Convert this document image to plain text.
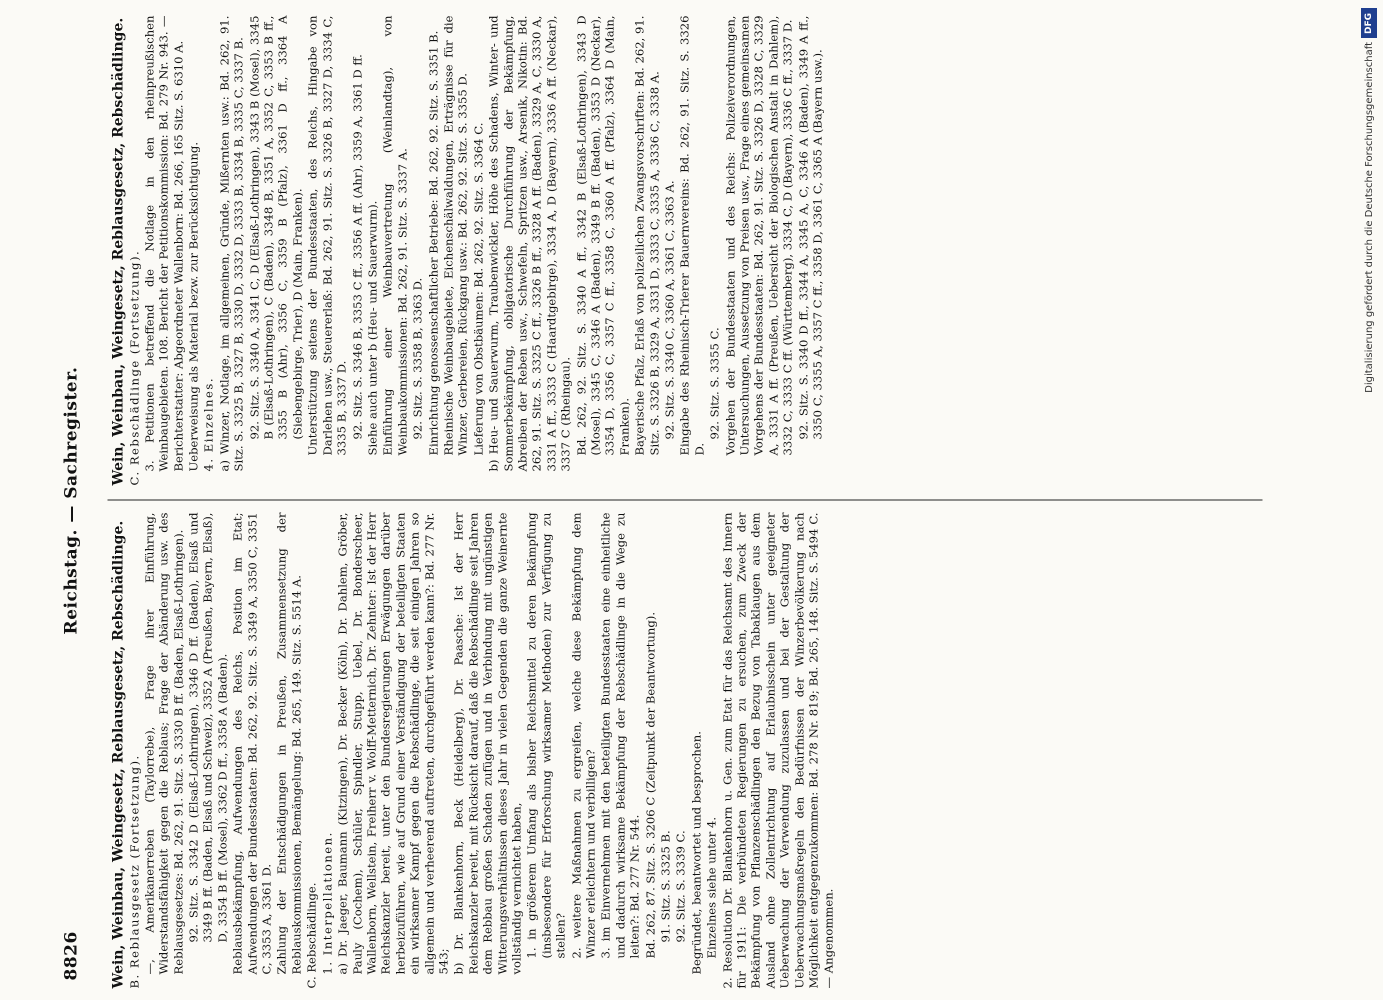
8826
Reichstag. — Sachregister.
Wein, Weinbau, Weingesetz, Reblausgesetz, Rebschädlinge. B. Reblausgesetz (Fortsetzung). —, Amerikanerreben (Taylorrebe), Frage ihrer Einführung, Widerstandsfähigkeit gegen die Reblaus; Frage der Abänderung usw. des Reblausgesetzes: Bd. 262, 91. Sitz. S. 3330 B ff. (Baden, Elsaß-Lothringen). 92. Sitz. S. 3342 D (Elsaß-Lothringen), 3346 D ff. (Baden), Elsaß und 3349 B ff. (Baden, Elsaß und Schweiz), 3352 A (Preußen, Bayern, Elsaß), D, 3354 B ff. (Mosel), 3362 D ff., 3358 A (Baden). Reblausbekämpfung, Aufwendungen des Reichs, Position im Etat; Aufwendungen der Bundesstaaten: Bd. 262, 92. Sitz. S. 3349 A, 3350 C, 3351 C, 3353 A, 3361 D. Zahlung der Entschädigungen in Preußen, Zusammensetzung der Reblauskommissionen, Bemängelung: Bd. 265, 149. Sitz. S. 5514 A. C. Rebschädlinge. 1. Interpellationen. a) Dr. Jaeger, Baumann (Kitzingen), Dr. Becker (Köln), Dr. Dahlem, Gröber, Pauly (Cochem), Schüler, Spindler, Stupp, Uebel, Dr. Bonderscheer, Wallenborn, Wellstein, Freiherr v. Wolff-Metternich, Dr. Zehnter: Ist der Herr Reichskanzler bereit, unter den Bundesregierungen Erwägungen darüber herbeizuführen, wie auf Grund einer Verständigung der beteiligten Staaten ein wirksamer Kampf gegen die Rebschädlinge, die seit einigen Jahren so allgemein und verheerend auftreten, durchgeführt werden kann?: Bd. 277 Nr. 543; b) Dr. Blankenhorn, Beck (Heidelberg), Dr. Paasche: Ist der Herr Reichskanzler bereit, mit Rücksicht darauf, daß die Rebschädlinge seit Jahren dem Rebbau großen Schaden zufügen und in Verbindung mit ungünstigen Witterungsverhältnissen dieses Jahr in vielen Gegenden die ganze Weinernte vollständig vernichtet haben, 1. in größerem Umfang als bisher Reichsmittel zu deren Bekämpfung (insbesondere für Erforschung wirksamer Methoden) zur Verfügung zu stellen? 2. weitere Maßnahmen zu ergreifen, welche diese Bekämpfung dem Winzer erleichtern und verbilligen? 3. im Einvernehmen mit den beteiligten Bundesstaaten eine einheitliche und dadurch wirksame Bekämpfung der Rebschädlinge in die Wege zu leiten?: Bd. 277 Nr. 544. Bd. 262, 87. Sitz. S. 3206 C (Zeitpunkt der Beantwortung). 91. Sitz. S. 3325 B. 92. Sitz. S. 3339 C. Begründet, beantwortet und besprochen. Einzelnes siehe unter 4. 2. Resolution Dr. Blankenhorn u. Gen. zum Etat für das Reichsamt des Innern für 1911: Die verbündeten Regierungen zu ersuchen, zum Zweck der Bekämpfung von Pflanzenschädlingen den Bezug von Tabaklaugen aus dem Ausland ohne Zollentrichtung auf Erlaubnisschein unter geeigneter Ueberwachung der Verwendung zuzulassen und bei der Gestaltung der Ueberwachungsmaßregeln den Bedürfnissen der Winzerbevölkerung nach Möglichkeit entgegenzukommen: Bd. 278 Nr. 819; Bd. 265, 148. Sitz. S. 5494 C. — Angenommen.

Wein, Weinbau, Weingesetz, Reblausgesetz, Rebschädlinge. C. Rebschädlinge (Fortsetzung). 3. Petitionen betreffend die Notlage in den rheinpreußischen Weinbaugebieten. 108. Bericht der Petitionskommission: Bd. 279 Nr. 943. — Berichterstatter: Abgeordneter Wallenborn: Bd. 266, 165 Sitz. S. 6310 A. Ueberweisung als Material bezw. zur Berücksichtigung. 4. Einzelnes. a) Winzer, Notlage, im allgemeinen, Gründe, Mißernten usw.: Bd. 262, 91. Sitz. S. 3325 B, 3327 B, 3330 D, 3332 D, 3333 B, 3334 B, 3335 C, 3337 B. 92. Sitz. S. 3340 A, 3341 C, D (Elsaß-Lothringen), 3343 B (Mosel), 3345 B (Elsaß-Lothringen), C (Baden), 3348 B, 3351 A, 3352 C, 3353 B ff., 3355 B (Ahr), 3356 C, 3359 B (Pfalz), 3361 D ff., 3364 A (Siebengebirge, Trier), D (Main, Franken). Unterstützung seitens der Bundesstaaten, des Reichs, Hingabe von Darlehen usw., Steuererlaß: Bd. 262, 91. Sitz. S. 3326 B, 3327 D, 3334 C, 3335 B, 3337 D. 92. Sitz. S. 3346 B, 3353 C ff., 3356 A ff. (Ahr), 3359 A, 3361 D ff. Siehe auch unter b (Heu- und Sauerwurm). Einführung einer Weinbauvertretung (Weinlandtag), von Weinbaukommissionen: Bd. 262, 91. Sitz. S. 3337 A. 92. Sitz. S. 3358 B, 3363 D. Einrichtung genossenschaftlicher Betriebe: Bd. 262, 92. Sitz. S. 3351 B. Rheinische Weinbaugebiete, Eichenschälwaldungen, Erträgnisse für die Winzer, Gerbereien, Rückgang usw.: Bd. 262, 92. Sitz. S. 3355 D. Lieferung von Obstbäumen: Bd. 262, 92. Sitz. S. 3364 C. b) Heu- und Sauerwurm, Traubenwickler, Höhe des Schadens, Winter- und Sommerbekämpfung, obligatorische Durchführung der Bekämpfung, Abreiben der Reben usw., Schwefeln, Spritzen usw., Arsenik, Nikotin: Bd. 262, 91. Sitz. S. 3325 C ff., 3326 B ff., 3328 A ff. (Baden), 3329 A, C, 3330 A, 3331 A ff., 3333 C (Haardtgebirge), 3334 A, D (Bayern), 3336 A ff. (Neckar), 3337 C (Rheingau). Bd. 262, 92. Sitz. S. 3340 A ff., 3342 B (Elsaß-Lothringen), 3343 D (Mosel), 3345 C, 3346 A (Baden), 3349 B ff. (Baden), 3353 D (Neckar), 3354 D, 3356 C, 3357 C ff., 3358 C, 3360 A ff. (Pfalz), 3364 D (Main, Franken). Bayerische Pfalz, Erlaß von polizeilichen Zwangsvorschriften: Bd. 262, 91. Sitz. S. 3326 B, 3329 A, 3331 D, 3333 C, 3335 A, 3336 C, 3338 A. 92. Sitz. S. 3340 C, 3360 A, 3361 C, 3363 A. Eingabe des Rheinisch-Trierer Bauernvereins: Bd. 262, 91. Sitz. S. 3326 D.

92. Sitz. S. 3355 C. Vorgehen der Bundesstaaten und des Reichs: Polizeiverordnungen, Untersuchungen, Aussetzung von Preisen usw., Frage eines gemeinsamen Vorgehens der Bundesstaaten: Bd. 262, 91. Sitz. S. 3326 D, 3328 C, 3329 A, 3331 A ff. (Preußen, Uebersicht der Biologischen Anstalt in Dahlem), 3332 C, 3333 C ff. (Württemberg), 3334 C, D (Bayern), 3336 C ff., 3337 D. 92. Sitz. S. 3340 D ff., 3344 A, 3345 A, C, 3346 A (Baden), 3349 A ff., 3350 C, 3355 A, 3357 C ff., 3358 D, 3361 C, 3365 A (Bayern usw.).

DFG
Digitalisierung gefördert durch die Deutsche Forschungsgemeinschaft
